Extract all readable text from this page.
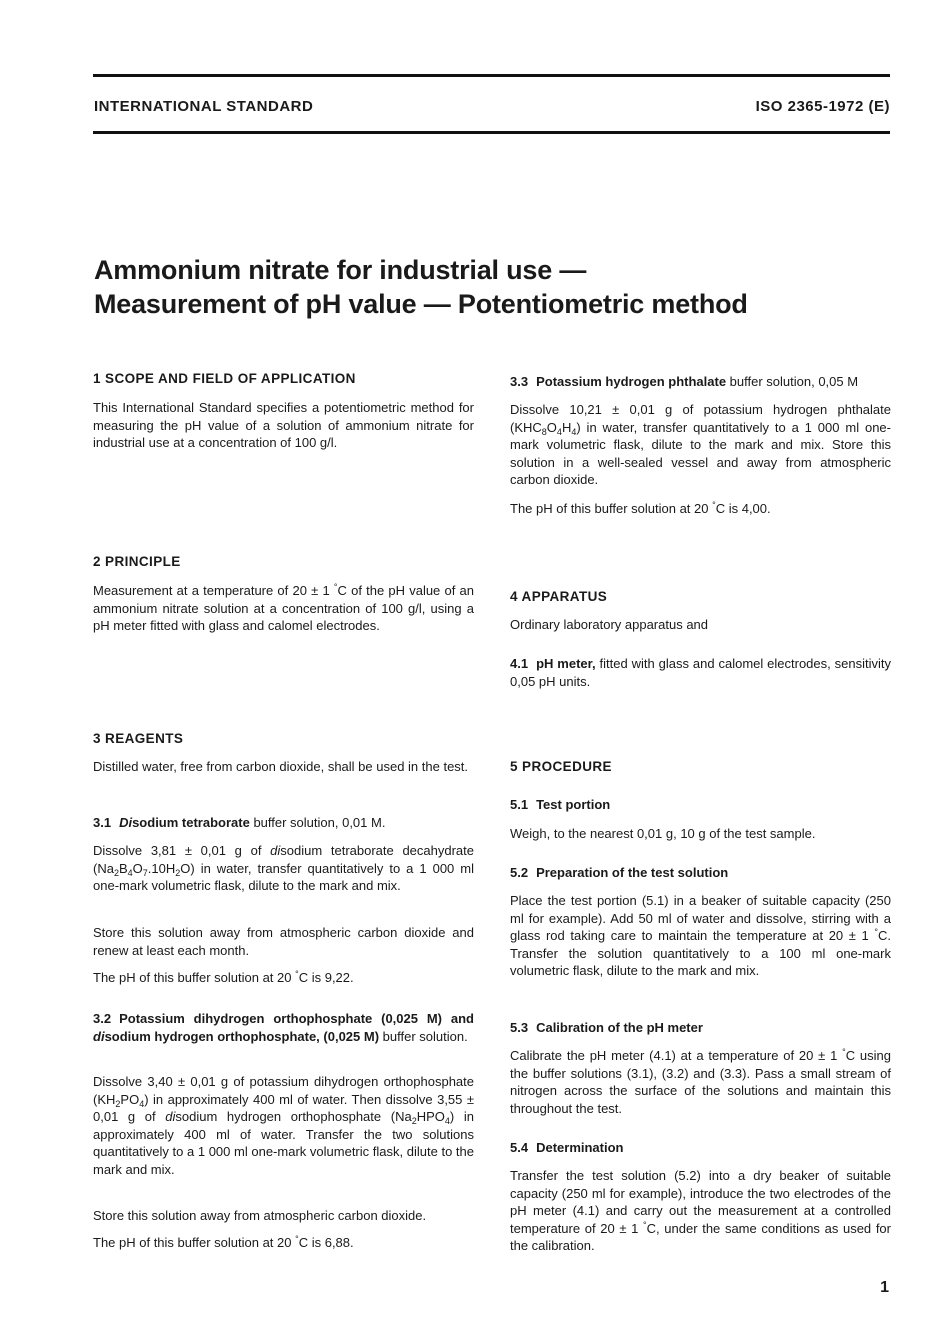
INTERNATIONAL STANDARD	ISO 2365-1972 (E)
Ammonium nitrate for industrial use —
Measurement of pH value — Potentiometric method
1 SCOPE AND FIELD OF APPLICATION

This International Standard specifies a potentiometric method for measuring the pH value of a solution of ammonium nitrate for industrial use at a concentration of 100 g/l.

2 PRINCIPLE

Measurement at a temperature of 20 ± 1 °C of the pH value of an ammonium nitrate solution at a concentration of 100 g/l, using a pH meter fitted with glass and calomel electrodes.

3 REAGENTS

Distilled water, free from carbon dioxide, shall be used in the test.

3.1 Disodium tetraborate buffer solution, 0,01 M.

Dissolve 3,81 ± 0,01 g of disodium tetraborate decahydrate $(Na_2B_4O_7.10H_2O)$ in water, transfer quantitatively to a 1 000 ml one-mark volumetric flask, dilute to the mark and mix.

Store this solution away from atmospheric carbon dioxide and renew at least each month.

The pH of this buffer solution at 20 °C is 9,22.

3.2 Potassium dihydrogen orthophosphate (0,025 M) and disodium hydrogen orthophosphate, (0,025 M) buffer solution.

Dissolve 3,40 ± 0,01 g of potassium dihydrogen orthophosphate $(KH_2PO_4)$ in approximately 400 ml of water. Then dissolve 3,55 ± 0,01 g of disodium hydrogen orthophosphate $(Na_2HPO_4)$ in approximately 400 ml of water. Transfer the two solutions quantitatively to a 1 000 ml one-mark volumetric flask, dilute to the mark and mix.

Store this solution away from atmospheric carbon dioxide.

The pH of this buffer solution at 20 °C is 6,88.

3.3 Potassium hydrogen phthalate buffer solution, 0,05 M

Dissolve 10,21 ± 0,01 g of potassium hydrogen phthalate $(KHC_8O_4H_4)$ in water, transfer quantitatively to a 1 000 ml one-mark volumetric flask, dilute to the mark and mix. Store this solution in a well-sealed vessel and away from atmospheric carbon dioxide.

The pH of this buffer solution at 20 °C is 4,00.

4 APPARATUS

Ordinary laboratory apparatus and

4.1 pH meter, fitted with glass and calomel electrodes, sensitivity 0,05 pH units.

5 PROCEDURE
5.1 Test portion

Weigh, to the nearest 0,01 g, 10 g of the test sample.

5.2 Preparation of the test solution

Place the test portion (5.1) in a beaker of suitable capacity (250 ml for example). Add 50 ml of water and dissolve, stirring with a glass rod taking care to maintain the temperature at 20 ± 1 °C. Transfer the solution quantitatively to a 100 ml one-mark volumetric flask, dilute to the mark and mix.

5.3 Calibration of the pH meter

Calibrate the pH meter (4.1) at a temperature of 20 ± 1 °C using the buffer solutions (3.1), (3.2) and (3.3). Pass a small stream of nitrogen across the surface of the solutions and maintain this throughout the test.

5.4 Determination

Transfer the test solution (5.2) into a dry beaker of suitable capacity (250 ml for example), introduce the two electrodes of the pH meter (4.1) and carry out the measurement at a controlled temperature of 20 ± 1 °C, under the same conditions as used for the calibration.

1
